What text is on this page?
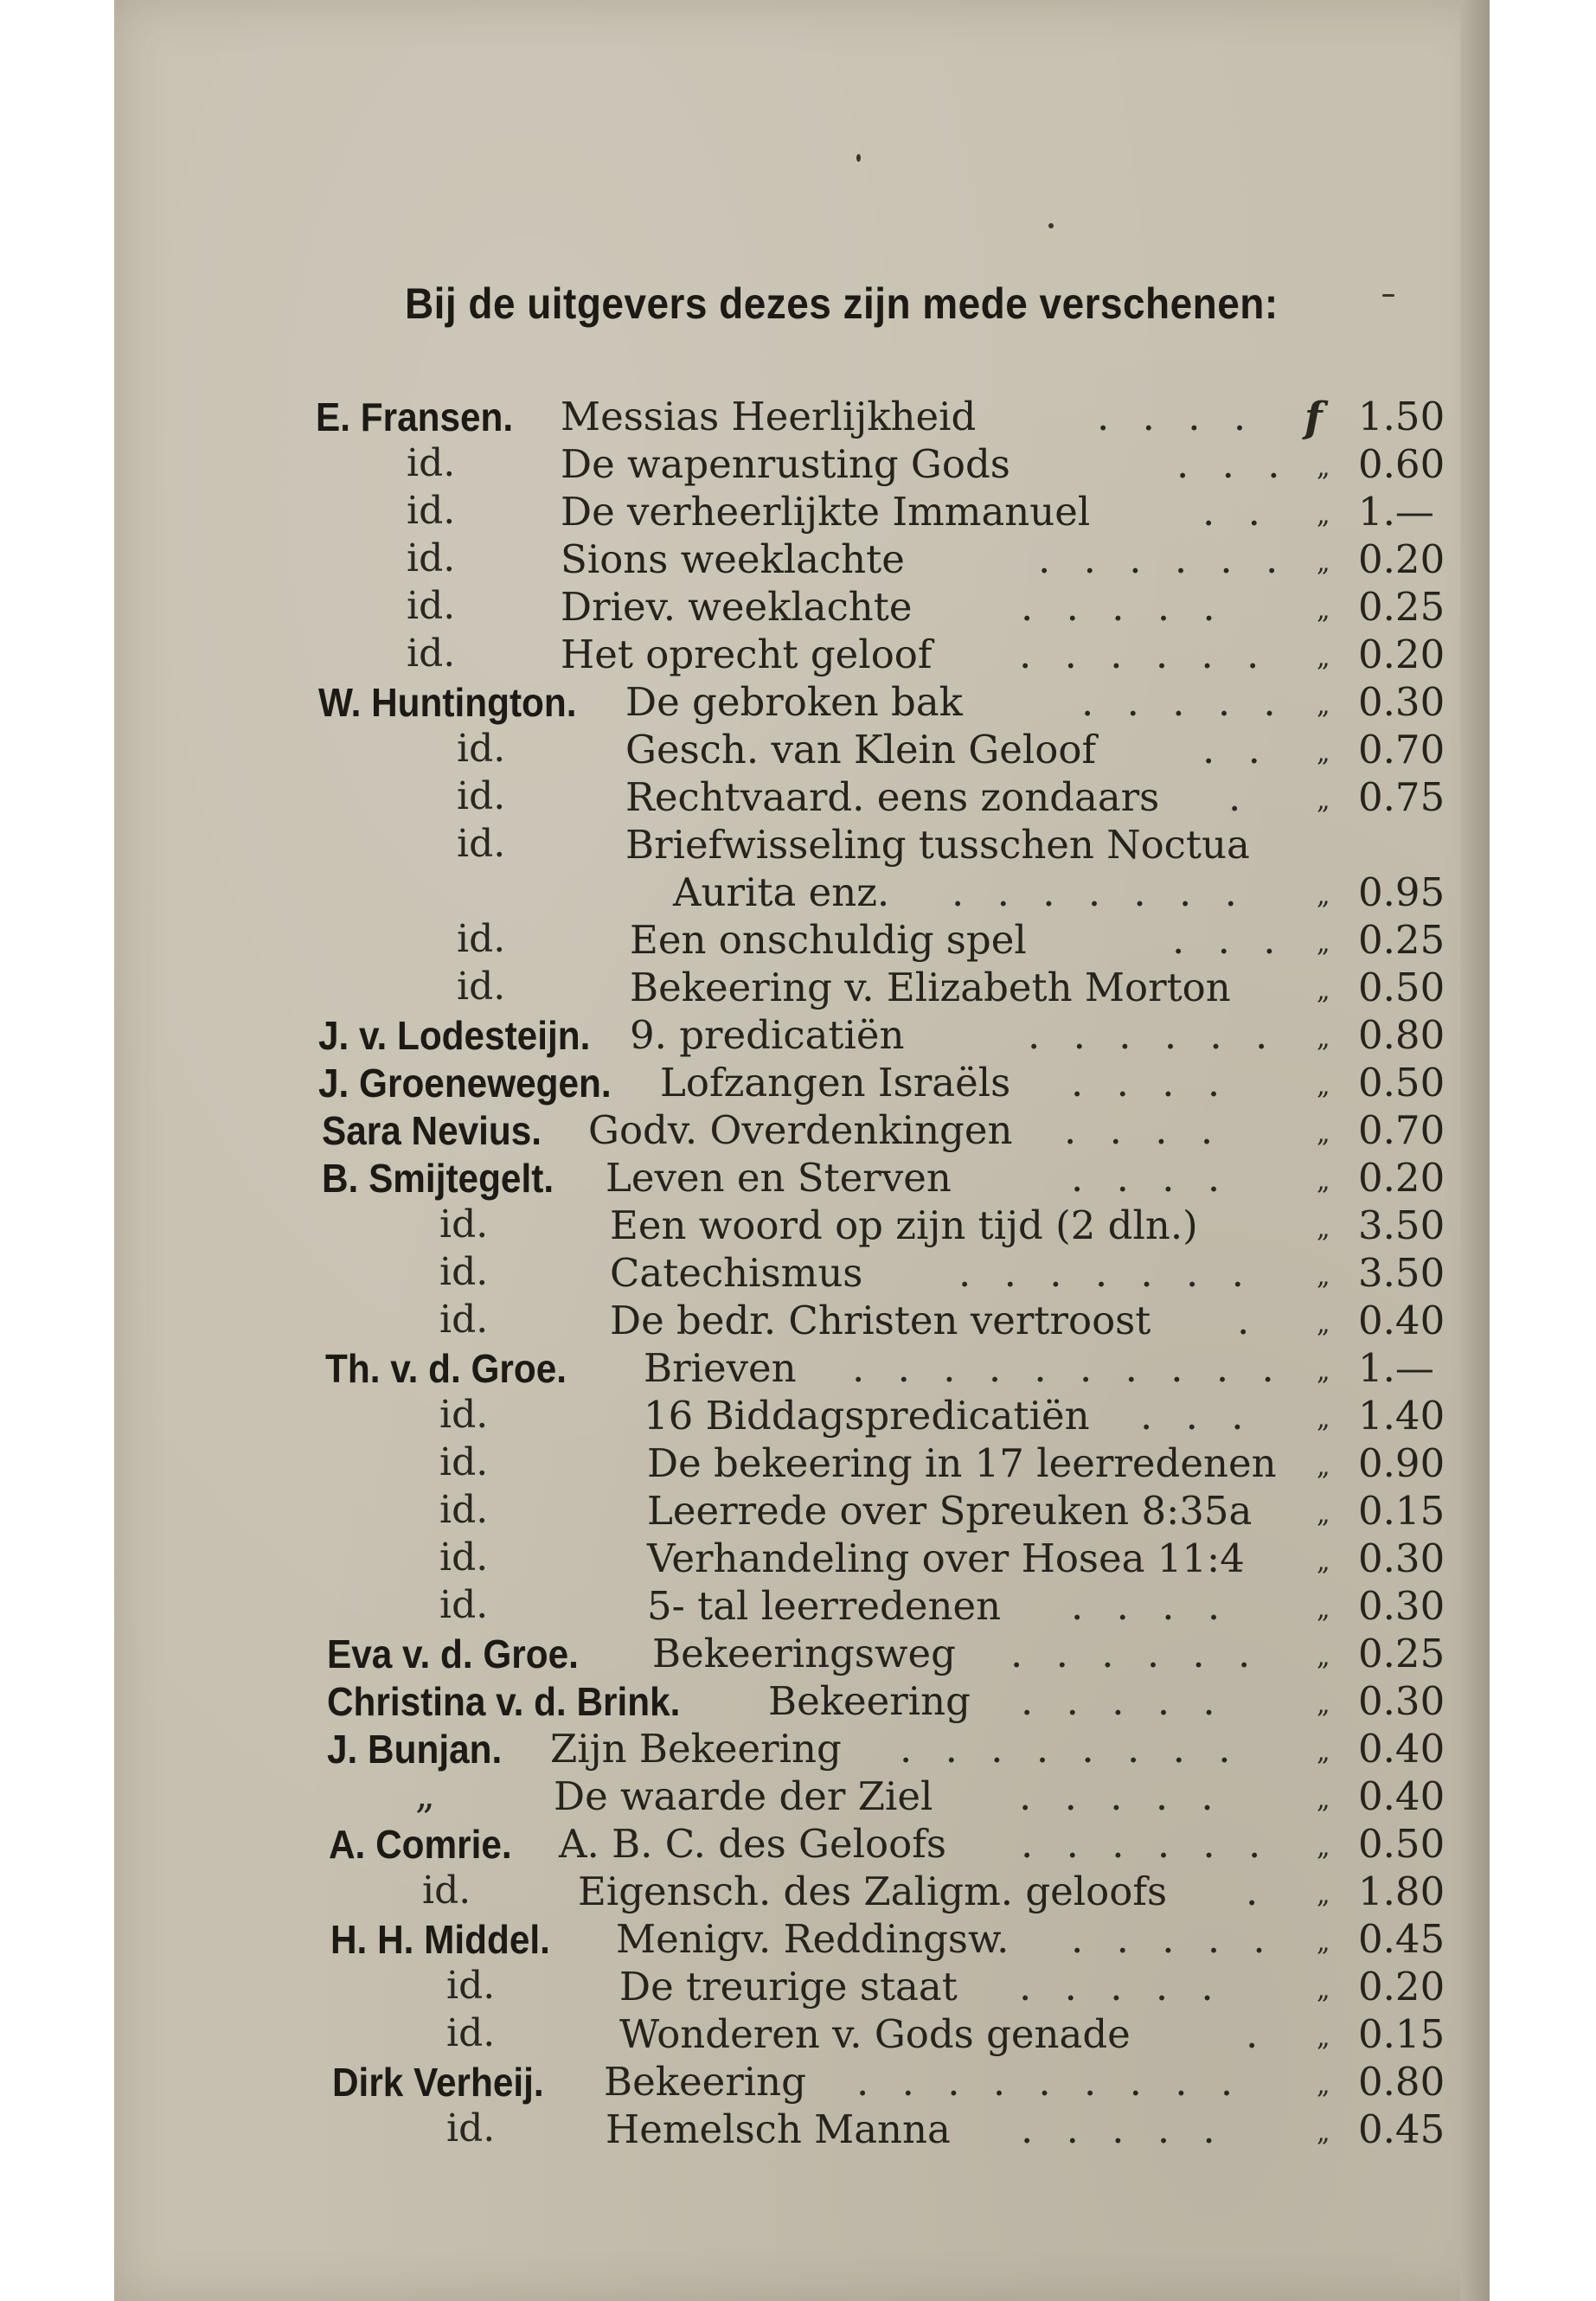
Bij de uitgevers dezes zijn mede verschenen:
E. Fransen. Messias Heerlijkheid	. . . . f 1.50
id.	De wapenrusting Gods	. . . „ 0.60
id.	De verheerlijkte Immanuel	. . „ 1.—
id.	Sions weeklachte	. . . . . . „ 0.20
id.	Driev. weeklachte	. . . . .	„ 0.25
id.	Het oprecht geloof . . . . . . „ 0.20
W. Huntington. De gebroken bak	. . . . . „ 0.30
id.	Gesch. van Klein Geloof	. . „ 0.70
id.	Rechtvaard. eens zondaars .	„ 0.75
id.	Briefwisseling tusschen Noctua
Aurita enz. . . . . . . .	„ 0.95
id.	Een onschuldig spel	. . . „ 0.25
id.	Bekeering v. Elizabeth Morton	„ 0.50
J. v. Lodesteijn. 9. predicatiën	. . . . . . „ 0.80
J. Groenewegen. Lofzangen Israëls . . . .	„ 0.50
Sara Nevius. Godv. Overdenkingen . . . .	„ 0.70
B. Smijtegelt. Leven en Sterven	. . . .	„ 0.20
id.	Een woord op zijn tijd (2 dln.)	„ 3.50
id.	Catechismus . . . . . . . „ 3.50
id.	De bedr. Christen vertroost . „ 0.40
Th. v. d. Groe. Brieven . . . . . . . . . . „ 1.—
id.	16 Biddagspredicatiën . . . „ 1.40
id.	De bekeering in 17 leerredenen „ 0.90
id.	Leerrede over Spreuken 8:35a „ 0.15
id.	Verhandeling over Hosea 11:4	„ 0.30
id.	5- tal leerredenen . . . .	„ 0.30
Eva v. d. Groe. Bekeeringsweg . . . . . . „ 0.25
Christina v. d. Brink. Bekeering . . . . .	„ 0.30
J. Bunjan. Zijn Bekeering . . . . . . . .	„ 0.40
„	De waarde der Ziel . . . . .	„ 0.40
A. Comrie. A. B. C. des Geloofs . . . . . . „ 0.50
id.	Eigensch. des Zaligm. geloofs . „ 1.80
H. H. Middel. Menigv. Reddingsw. . . . . . „ 0.45
id.	De treurige staat . . . . .	„ 0.20
id.	Wonderen v. Gods genade	. „ 0.15
Dirk Verheij. Bekeering . . . . . . . . .	„ 0.80
id.	Hemelsch Manna . . . . .	„ 0.45
